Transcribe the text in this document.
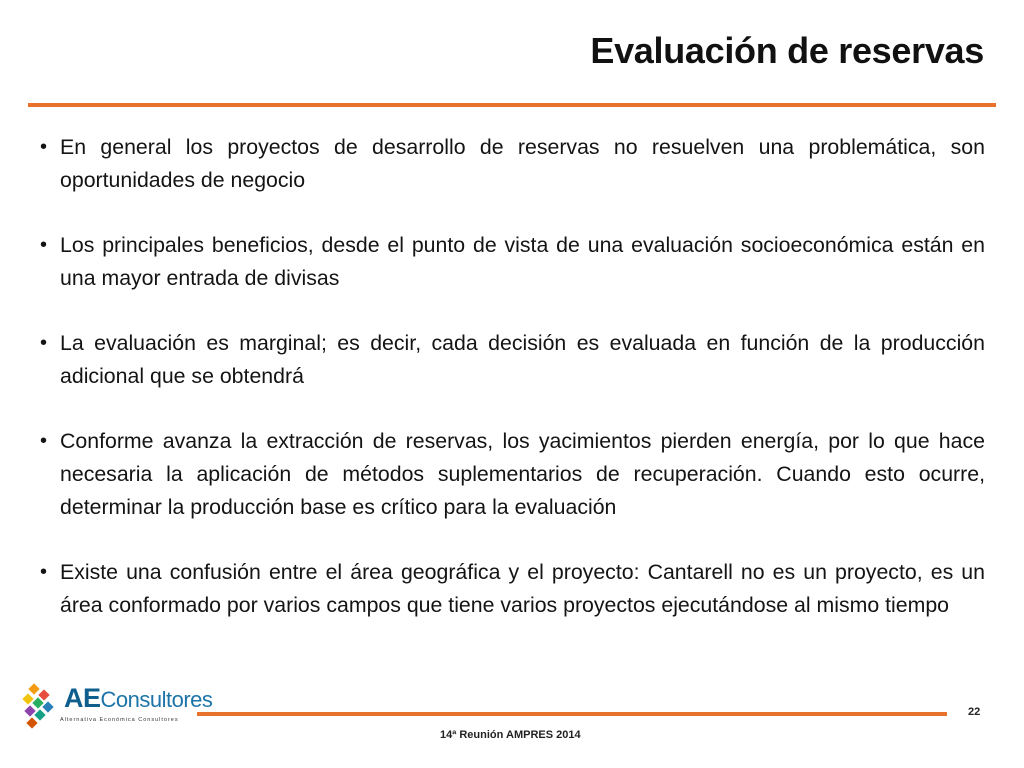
Evaluación de reservas
• En general los proyectos de desarrollo de reservas no resuelven una problemática, son oportunidades de negocio
• Los principales beneficios, desde el punto de vista de una evaluación socioeconómica están en una mayor entrada de divisas
• La evaluación es marginal; es decir, cada decisión es evaluada en función de la producción adicional que se obtendrá
• Conforme avanza la extracción de reservas, los yacimientos pierden energía, por lo que hace necesaria la aplicación de métodos suplementarios de recuperación. Cuando esto ocurre, determinar la producción base es crítico para la evaluación
• Existe una confusión entre el área geográfica y el proyecto: Cantarell no es un proyecto, es un área conformado por varios campos que tiene varios proyectos ejecutándose al mismo tiempo
AEConsultores
Alternativa Económica Consultores
22
14ª Reunión AMPRES 2014
